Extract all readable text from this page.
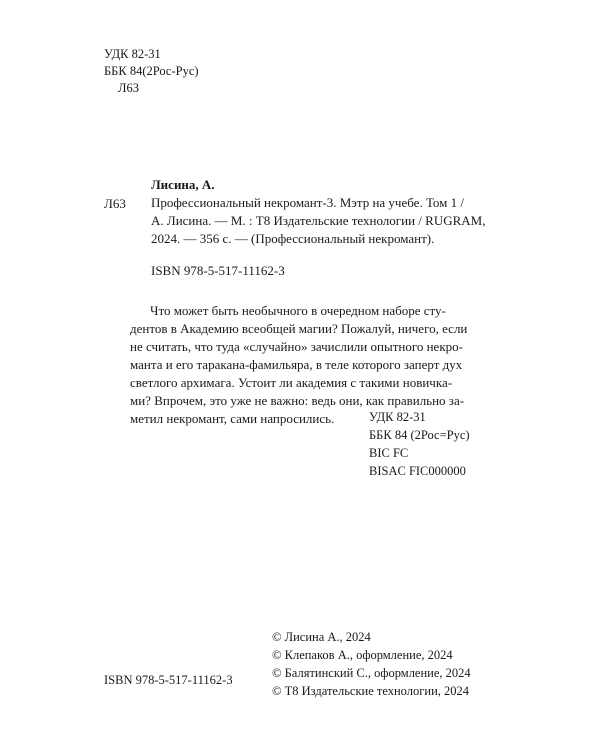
УДК 82-31
ББК 84(2Рос-Рус)
Л63
Лисина, А.
Л63 Профессиональный некромант-3. Мэтр на учебе. Том 1 /
А. Лисина. — М. : Т8 Издательские технологии / RUGRAM,
2024. — 356 с. — (Профессиональный некромант).
ISBN 978-5-517-11162-3
Что может быть необычного в очередном наборе сту-
дентов в Академию всеобщей магии? Пожалуй, ничего, если
не считать, что туда «случайно» зачислили опытного некро-
манта и его таракана-фамильяра, в теле которого заперт дух
светлого архимага. Устоит ли академия с такими новичка-
ми? Впрочем, это уже не важно: ведь они, как правильно за-
метил некромант, сами напросились.	УДК 82-31
ББК 84 (2Рос=Рус)
BIC FC
BISAC FIC000000
© Лисина А., 2024
© Клепаков А., оформление, 2024
© Балятинский С., оформление, 2024
© Т8 Издательские технологии, 2024
ISBN 978-5-517-11162-3
